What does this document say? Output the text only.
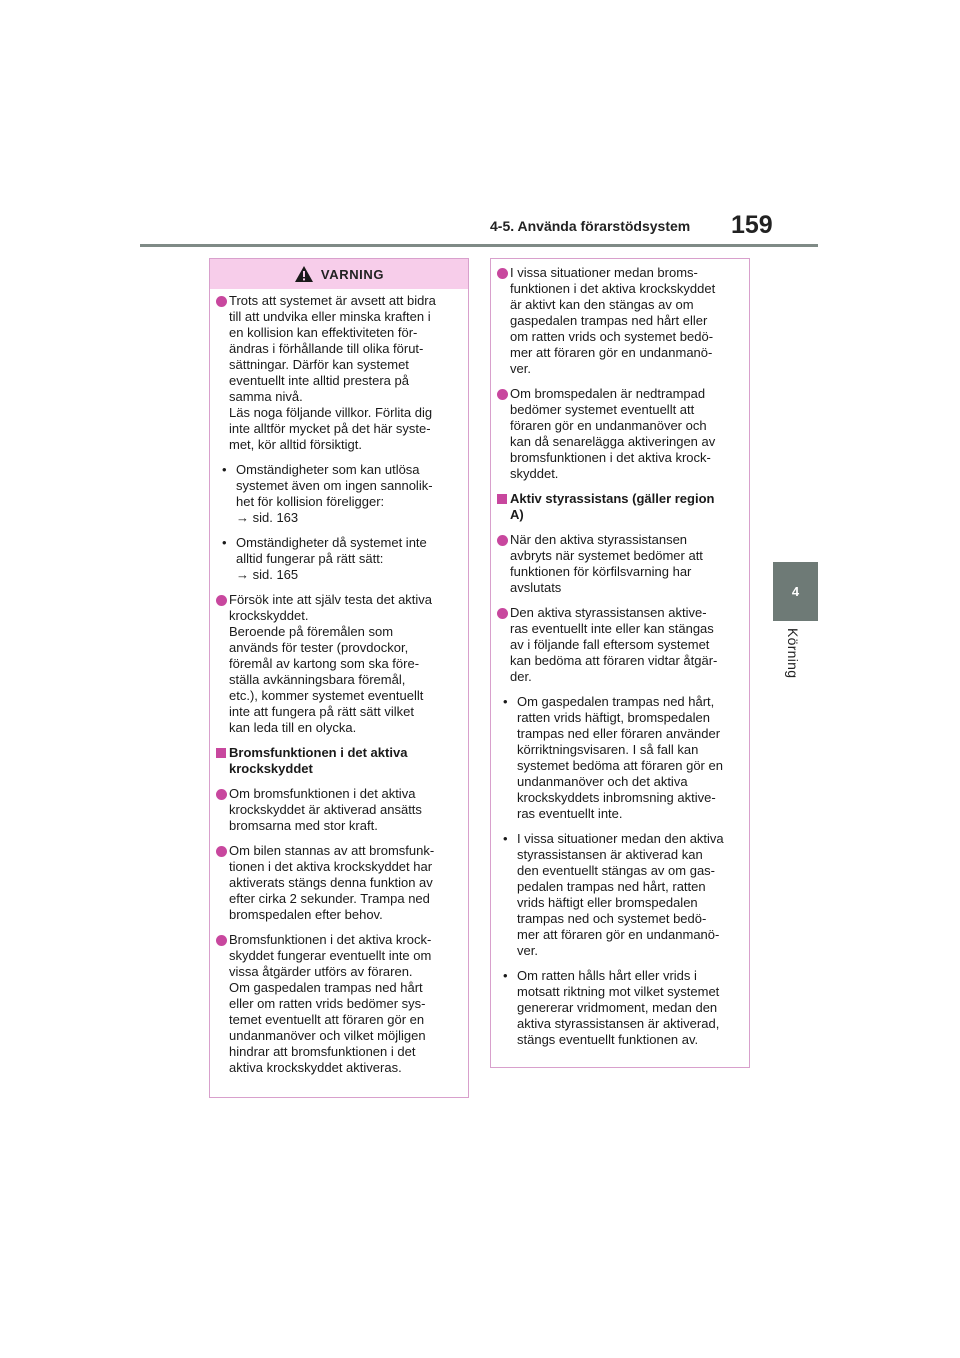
4-5. Använda förarstödsystem 159
4
Körning
VARNING
Trots att systemet är avsett att bidra
till att undvika eller minska kraften i
en kollision kan effektiviteten för-
ändras i förhållande till olika förut-
sättningar. Därför kan systemet
eventuellt inte alltid prestera på
samma nivå.
Läs noga följande villkor. Förlita dig
inte alltför mycket på det här syste-
met, kör alltid försiktigt.
• Omständigheter som kan utlösa
systemet även om ingen sannolik-
het för kollision föreligger:
→ sid. 163
• Omständigheter då systemet inte
alltid fungerar på rätt sätt:
→ sid. 165
Försök inte att själv testa det aktiva
krockskyddet.
Beroende på föremålen som
används för tester (provdockor,
föremål av kartong som ska före-
ställa avkänningsbara föremål,
etc.), kommer systemet eventuellt
inte att fungera på rätt sätt vilket
kan leda till en olycka.
Bromsfunktionen i det aktiva
krockskyddet
Om bromsfunktionen i det aktiva
krockskyddet är aktiverad ansätts
bromsarna med stor kraft.
Om bilen stannas av att bromsfunk-
tionen i det aktiva krockskyddet har
aktiverats stängs denna funktion av
efter cirka 2 sekunder. Trampa ned
bromspedalen efter behov.
Bromsfunktionen i det aktiva krock-
skyddet fungerar eventuellt inte om
vissa åtgärder utförs av föraren.
Om gaspedalen trampas ned hårt
eller om ratten vrids bedömer sys-
temet eventuellt att föraren gör en
undanmanöver och vilket möjligen
hindrar att bromsfunktionen i det
aktiva krockskyddet aktiveras.
I vissa situationer medan broms-
funktionen i det aktiva krockskyddet
är aktivt kan den stängas av om
gaspedalen trampas ned hårt eller
om ratten vrids och systemet bedö-
mer att föraren gör en undanmanö-
ver.
Om bromspedalen är nedtrampad
bedömer systemet eventuellt att
föraren gör en undanmanöver och
kan då senarelägga aktiveringen av
bromsfunktionen i det aktiva krock-
skyddet.
Aktiv styrassistans (gäller region
A)
När den aktiva styrassistansen
avbryts när systemet bedömer att
funktionen för körfilsvarning har
avslutats
Den aktiva styrassistansen aktive-
ras eventuellt inte eller kan stängas
av i följande fall eftersom systemet
kan bedöma att föraren vidtar åtgär-
der.
• Om gaspedalen trampas ned hårt,
ratten vrids häftigt, bromspedalen
trampas ned eller föraren använder
körriktningsvisaren. I så fall kan
systemet bedöma att föraren gör en
undanmanöver och det aktiva
krockskyddets inbromsning aktive-
ras eventuellt inte.
• I vissa situationer medan den aktiva
styrassistansen är aktiverad kan
den eventuellt stängas av om gas-
pedalen trampas ned hårt, ratten
vrids häftigt eller bromspedalen
trampas ned och systemet bedö-
mer att föraren gör en undanmanö-
ver.
• Om ratten hålls hårt eller vrids i
motsatt riktning mot vilket systemet
genererar vridmoment, medan den
aktiva styrassistansen är aktiverad,
stängs eventuellt funktionen av.
